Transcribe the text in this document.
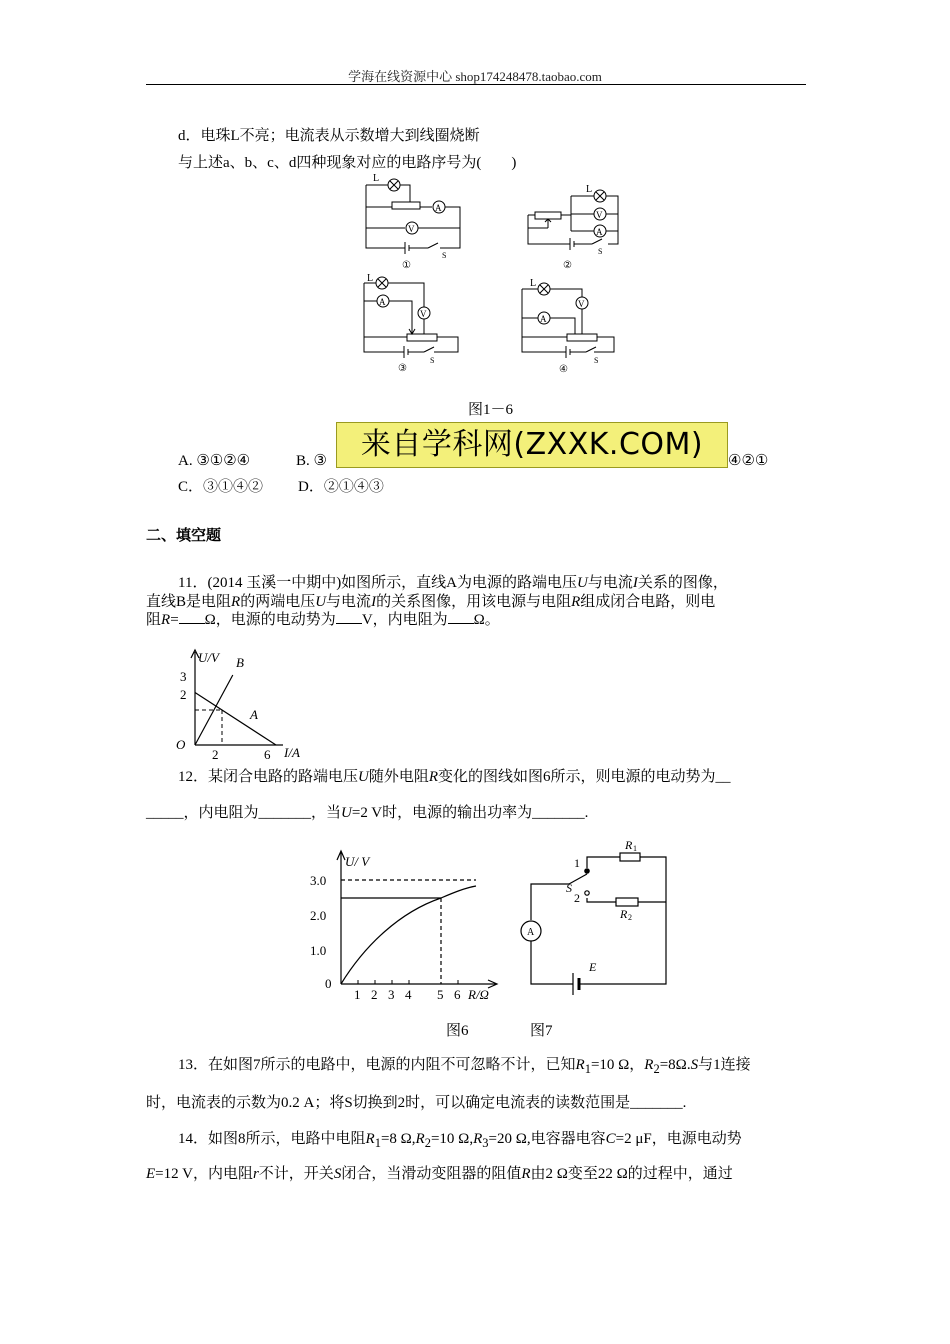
学海在线资源中心 shop174248478.taobao.com
d．电珠L不亮；电流表从示数增大到线圈烧断
与上述a、b、c、d四种现象对应的电路序号为(　　)
L
A
V
S
①
L
V
A
S
②
L
A
V
S
③
L
V
A
S
④
图1－6
A. ③①②④	B. ③	④②①
C．③①④② D．②①④③
来自学科网(ZXXK.COM)
二、填空题
11．(2014 玉溪一中期中)如图所示，直线A为电源的路端电压U与电流I关系的图像，
直线B是电阻R的两端电压U与电流I的关系图像，用该电源与电阻R组成闭合电路，则电
阻R= Ω，电源的电动势为 V，内电阻为 Ω。
U/V
I/A
O
B
A
3
2
2	6
12．某闭合电路的路端电压U随外电阻R变化的图线如图6所示，则电源的电动势为__
_____，内电阻为_______，当U=2 V时，电源的输出功率为_______.
3.0
2.0
1.0
0
1 2 3 4 5 6
U/ V
R/Ω
R 1
R 2
1
2
S
A
E
图6	图7
13．在如图7所示的电路中，电源的内阻不可忽略不计，已知$R_1=10$ Ω，$R_2=8\Omega.S$与1连接
时，电流表的示数为0.2 A；将S切换到2时，可以确定电流表的读数范围是_______.
14．如图8所示，电路中电阻$R_1=8$ $\Omega,R_2=10$ $\Omega,R_3=20$ Ω,电容器电容C=2 μF，电源电动势
E=12 V，内电阻r不计，开关S闭合，当滑动变阻器的阻值R由2 Ω变至22 Ω的过程中，通过
